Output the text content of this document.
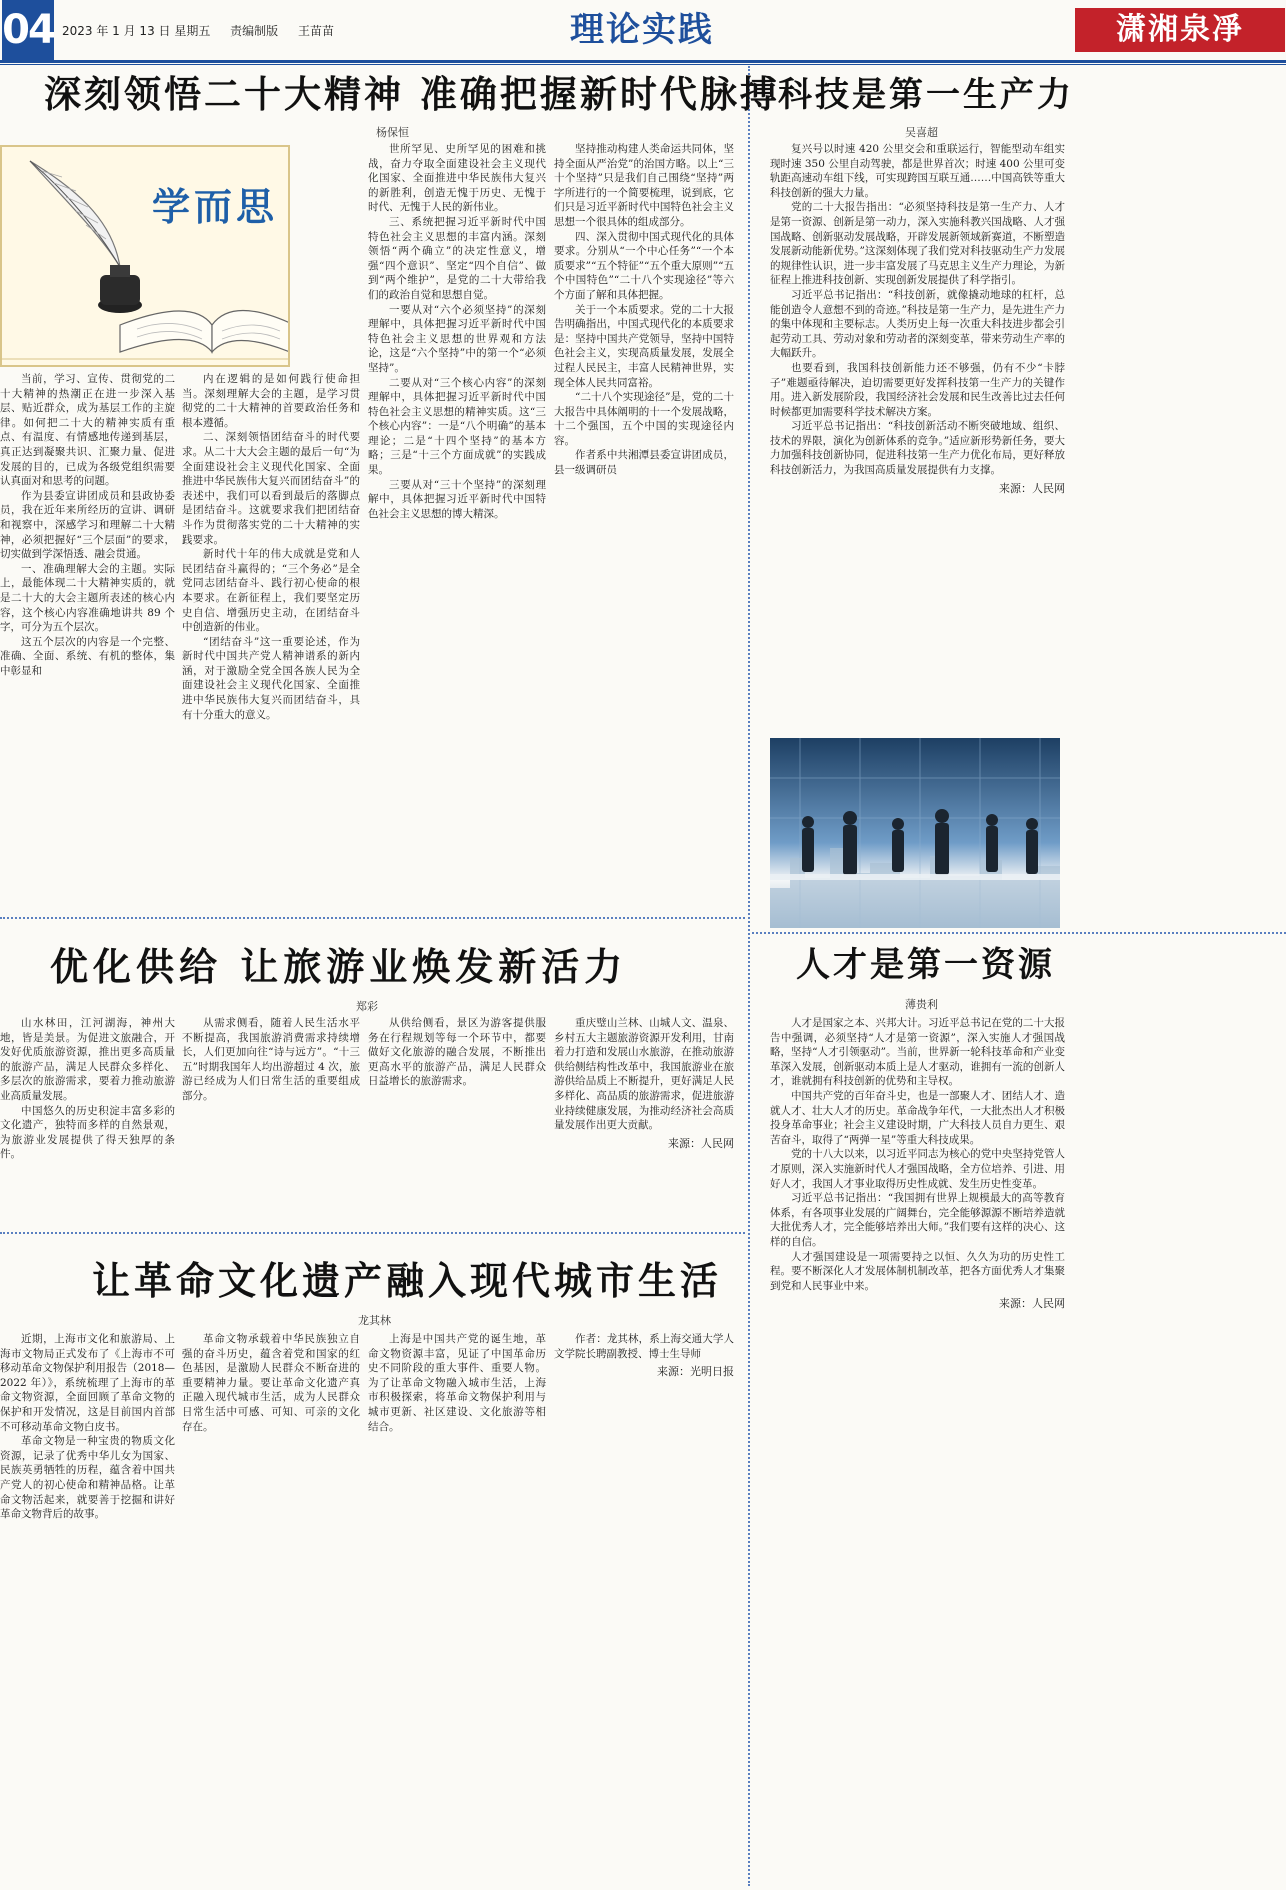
04 2023 年 1 月 13 日 星期五 责编制版 王苗苗	理论实践	潇湘泉凈
深刻领悟二十大精神 准确把握新时代脉搏
杨保恒
学而思

当前，学习、宣传、贯彻党的二十大精神的热潮正在进一步深入基层、贴近群众，成为基层工作的主旋律。如何把二十大的精神实质有重点、有温度、有情感地传递到基层，真正达到凝聚共识、汇聚力量、促进发展的目的，已成为各级党组织需要认真面对和思考的问题。

作为县委宣讲团成员和县政协委员，我在近年来所经历的宣讲、调研和视察中，深感学习和理解二十大精神，必须把握好“三个层面”的要求，切实做到学深悟透、融会贯通。

一、准确理解大会的主题。实际上，最能体现二十大精神实质的，就是二十大的大会主题所表述的核心内容，这个核心内容准确地讲共 89 个字，可分为五个层次。

这五个层次的内容是一个完整、准确、全面、系统、有机的整体，集中彰显和

内在逻辑的是如何践行使命担当。深刻理解大会的主题，是学习贯彻党的二十大精神的首要政治任务和根本遵循。

二、深刻领悟团结奋斗的时代要求。从二十大大会主题的最后一句“为全面建设社会主义现代化国家、全面推进中华民族伟大复兴而团结奋斗”的表述中，我们可以看到最后的落脚点是团结奋斗。这就要求我们把团结奋斗作为贯彻落实党的二十大精神的实践要求。

新时代十年的伟大成就是党和人民团结奋斗赢得的；“三个务必”是全党同志团结奋斗、践行初心使命的根本要求。在新征程上，我们要坚定历史自信、增强历史主动，在团结奋斗中创造新的伟业。

“团结奋斗”这一重要论述，作为新时代中国共产党人精神谱系的新内涵，对于激励全党全国各族人民为全面建设社会主义现代化国家、全面推进中华民族伟大复兴而团结奋斗，具有十分重大的意义。

世所罕见、史所罕见的困难和挑战，奋力夺取全面建设社会主义现代化国家、全面推进中华民族伟大复兴的新胜利，创造无愧于历史、无愧于时代、无愧于人民的新伟业。

三、系统把握习近平新时代中国特色社会主义思想的丰富内涵。深刻领悟“两个确立”的决定性意义，增强“四个意识”、坚定“四个自信”、做到“两个维护”，是党的二十大带给我们的政治自觉和思想自觉。

一要从对“六个必须坚持”的深刻理解中，具体把握习近平新时代中国特色社会主义思想的世界观和方法论，这是“六个坚持”中的第一个“必须坚持”。

二要从对“三个核心内容”的深刻理解中，具体把握习近平新时代中国特色社会主义思想的精神实质。这“三个核心内容”：一是“八个明确”的基本理论；二是“十四个坚持”的基本方略；三是“十三个方面成就”的实践成果。

三要从对“三十个坚持”的深刻理解中，具体把握习近平新时代中国特色社会主义思想的博大精深。

坚持推动构建人类命运共同体，坚持全面从严治党”的治国方略。以上“三十个坚持”只是我们自己围绕“坚持”两字所进行的一个简要梳理，说到底，它们只是习近平新时代中国特色社会主义思想一个很具体的组成部分。

四、深入贯彻中国式现代化的具体要求。分别从“一个中心任务”“一个本质要求”“五个特征”“五个重大原则”“五个中国特色”“二十八个实现途径”等六个方面了解和具体把握。

关于一个本质要求。党的二十大报告明确指出，中国式现代化的本质要求是：坚持中国共产党领导，坚持中国特色社会主义，实现高质量发展，发展全过程人民民主，丰富人民精神世界，实现全体人民共同富裕。

“二十八个实现途径”是，党的二十大报告中具体阐明的十一个发展战略，十二个强国，五个中国的实现途径内容。

作者系中共湘潭县委宣讲团成员，县一级调研员

科技是第一生产力
吴喜超

复兴号以时速 420 公里交会和重联运行，智能型动车组实现时速 350 公里自动驾驶，都是世界首次；时速 400 公里可变轨距高速动车组下线，可实现跨国互联互通……中国高铁等重大科技创新的强大力量。

党的二十大报告指出：“必须坚持科技是第一生产力、人才是第一资源、创新是第一动力，深入实施科教兴国战略、人才强国战略、创新驱动发展战略，开辟发展新领域新赛道，不断塑造发展新动能新优势。”这深刻体现了我们党对科技驱动生产力发展的规律性认识，进一步丰富发展了马克思主义生产力理论，为新征程上推进科技创新、实现创新发展提供了科学指引。

习近平总书记指出：“科技创新，就像撬动地球的杠杆，总能创造令人意想不到的奇迹。”科技是第一生产力，是先进生产力的集中体现和主要标志。人类历史上每一次重大科技进步都会引起劳动工具、劳动对象和劳动者的深刻变革，带来劳动生产率的大幅跃升。

也要看到，我国科技创新能力还不够强，仍有不少“卡脖子”难题亟待解决，迫切需要更好发挥科技第一生产力的关键作用。进入新发展阶段，我国经济社会发展和民生改善比过去任何时候都更加需要科学技术解决方案。

习近平总书记指出：“科技创新活动不断突破地域、组织、技术的界限，演化为创新体系的竞争。”适应新形势新任务，要大力加强科技创新协同，促进科技第一生产力优化布局，更好释放科技创新活力，为我国高质量发展提供有力支撑。

来源：人民网
优化供给 让旅游业焕发新活力
郑彩

山水林田，江河湖海，神州大地，皆是美景。为促进文旅融合，开发好优质旅游资源，推出更多高质量的旅游产品，满足人民群众多样化、多层次的旅游需求，要着力推动旅游业高质量发展。

中国悠久的历史积淀丰富多彩的文化遗产，独特而多样的自然景观，为旅游业发展提供了得天独厚的条件。

从需求侧看，随着人民生活水平不断提高，我国旅游消费需求持续增长，人们更加向往“诗与远方”。“十三五”时期我国年人均出游超过 4 次，旅游已经成为人们日常生活的重要组成部分。

从供给侧看，景区为游客提供服务在行程规划等每一个环节中，都要做好文化旅游的融合发展，不断推出更高水平的旅游产品，满足人民群众日益增长的旅游需求。

重庆璧山兰林、山城人文、温泉、乡村五大主题旅游资源开发利用，甘南着力打造和发展山水旅游，在推动旅游供给侧结构性改革中，我国旅游业在旅游供给品质上不断提升，更好满足人民多样化、高品质的旅游需求，促进旅游业持续健康发展，为推动经济社会高质量发展作出更大贡献。

来源：人民网
人才是第一资源
薄贵利

人才是国家之本、兴邦大计。习近平总书记在党的二十大报告中强调，必须坚持“人才是第一资源”，深入实施人才强国战略，坚持“人才引领驱动”。当前，世界新一轮科技革命和产业变革深入发展，创新驱动本质上是人才驱动，谁拥有一流的创新人才，谁就拥有科技创新的优势和主导权。

中国共产党的百年奋斗史，也是一部聚人才、团结人才、造就人才、壮大人才的历史。革命战争年代，一大批杰出人才积极投身革命事业；社会主义建设时期，广大科技人员自力更生、艰苦奋斗，取得了“两弹一星”等重大科技成果。

党的十八大以来，以习近平同志为核心的党中央坚持党管人才原则，深入实施新时代人才强国战略，全方位培养、引进、用好人才，我国人才事业取得历史性成就、发生历史性变革。

习近平总书记指出：“我国拥有世界上规模最大的高等教育体系，有各项事业发展的广阔舞台，完全能够源源不断培养造就大批优秀人才，完全能够培养出大师。”我们要有这样的决心、这样的自信。

人才强国建设是一项需要持之以恒、久久为功的历史性工程。要不断深化人才发展体制机制改革，把各方面优秀人才集聚到党和人民事业中来。

来源：人民网
让革命文化遗产融入现代城市生活
龙其林

近期，上海市文化和旅游局、上海市文物局正式发布了《上海市不可移动革命文物保护利用报告（2018—2022 年）》，系统梳理了上海市的革命文物资源，全面回顾了革命文物的保护和开发情况，这是目前国内首部不可移动革命文物白皮书。

革命文物是一种宝贵的物质文化资源，记录了优秀中华儿女为国家、民族英勇牺牲的历程，蕴含着中国共产党人的初心使命和精神品格。让革命文物活起来，就要善于挖掘和讲好革命文物背后的故事。

革命文物承载着中华民族独立自强的奋斗历史，蕴含着党和国家的红色基因，是激励人民群众不断奋进的重要精神力量。要让革命文化遗产真正融入现代城市生活，成为人民群众日常生活中可感、可知、可亲的文化存在。

上海是中国共产党的诞生地，革命文物资源丰富，见证了中国革命历史不同阶段的重大事件、重要人物。为了让革命文物融入城市生活，上海市积极探索，将革命文物保护利用与城市更新、社区建设、文化旅游等相结合。

作者：龙其林，系上海交通大学人文学院长聘副教授、博士生导师

来源：光明日报
